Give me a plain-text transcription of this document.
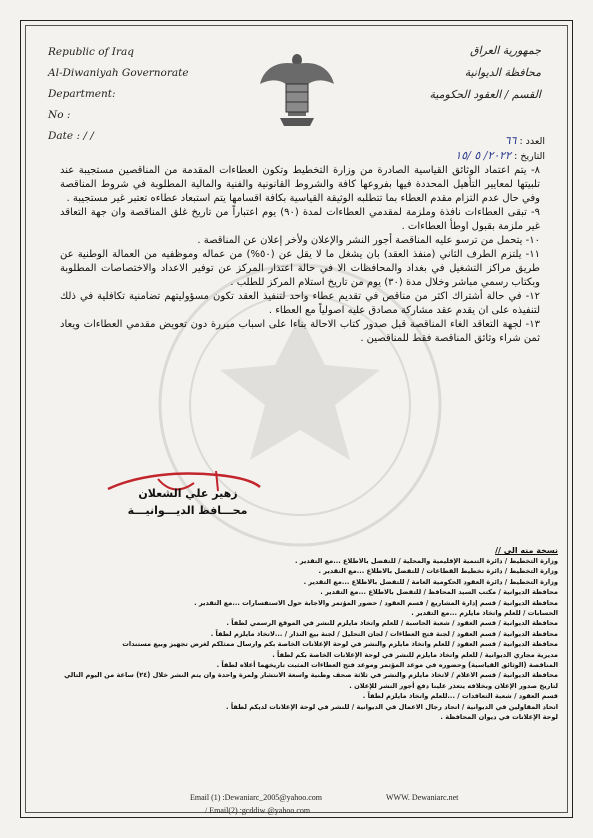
Republic of Iraq
Al-Diwaniyah Governorate
Department:
No :
Date : / /
جمهورية العراق
محافظة الديوانية
القسم / العقود الحكومية
العدد : ٦٦
التاريخ : ٢٠٢٢/ ٥ /١٥

٨- يتم اعتماد الوثائق القياسية الصادرة من وزارة التخطيط وتكون العطاءات المقدمة من المناقصين مستجيبة عند تلبيتها لمعايير التأهيل المحددة فيها بفروعها كافة والشروط القانونية والفنية والمالية المطلوبة في شروط المناقصة وفي حال عدم التزام مقدم العطاء بما تتطلبه الوثيقة القياسية بكافة اقسامها يتم استبعاد عطاءه تعتبر غير مستجيبة .

٩- تبقى العطاءات نافذة وملزمة لمقدمي العطاءات لمدة (٩٠) يوم اعتباراً من تاريخ غلق المناقصة وان جهة التعاقد غير ملزمة بقبول اوطأ العطاءات .

١٠- يتحمل من ترسو عليه المناقصة أجور النشر والإعلان ولأخر إعلان عن المناقصة .

١١- يلتزم الطرف الثاني (منفذ العقد) بان يشغل ما لا يقل عن (٥٠%) من عماله وموظفيه من العمالة الوطنية عن طريق مراكز التشغيل في بغداد والمحافظات الا في حالة اعتذار المركز عن توفير الاعداد والاختصاصات المطلوبة وبكتاب رسمي مباشر وخلال مدة (٣٠) يوم من تاريخ استلام المركز للطلب .

١٢- في حالة أشتراك اكثر من مناقص في تقديم عطاء واحد لتنفيذ العقد تكون مسؤوليتهم تضامنية تكافلية في ذلك لتنفيذه على ان يقدم عقد مشاركة مصادق عليه اصولياً مع العطاء .

١٣- لجهة التعاقد الغاء المناقصة قبل صدور كتاب الاحالة بناءا على اسباب مبررة دون تعويض مقدمي العطاءات ويعاد ثمن شراء وثائق المناقصة فقط للمناقصين .

زهير علي الشعلان
محـــافظ الديـــوانيـــة
نسخة منه الى //
وزارة التخطيط / دائرة التنمية الإقليمية والمحلية / للتفضل بالاطلاع ...مع التقدير .
وزارة التخطيط / دائرة تخطيط القطاعات / للتفضل بالاطلاع ...مع التقدير .
وزارة التخطيط / دائرة العقود الحكومية العامة / للتفضل بالاطلاع ...مع التقدير .
محافظة الديوانية / مكتب السيد المحافظ / للتفضل بالاطلاع ...مع التقدير .
محافظة الديوانية / قسم إدارة المشاريع / قسم العقود / حضور المؤتمر والاجابة حول الاستفسارات ...مع التقدير .
الحسابات / للعلم واتخاذ مايلزم ...مع التقدير .
محافظة الديوانية / قسم العقود / شعبة الحاسبة / للعلم واتخاذ مايلزم للنشر في الموقع الرسمي لطفاً .
محافظة الديوانية / قسم العقود / لجنة فتح العطاءات / لجان التحليل / لجنة بيع النذار / ...لاتخاذ مايلزم لطفاً .
محافظة الديوانية / قسم العقود / للعلم واتخاذ مايلزم والنشر في لوحة الإعلانات الخاصة بكم وارسال ممثلكم لغرض تجهيز وبيع مستندات
مديرية مجاري الديوانية / للعلم واتخاذ مايلزم للنشر في لوحة الإعلانات الخاصة بكم لطفاً .
المناقصة (الوثائق القياسية) وحضوره في موعد المؤتمر وموعد فتح العطاءات المثبت تاريخهما أعلاه لطفاً .
محافظة الديوانية / قسم الاعلام / لاتخاذ مايلزم والنشر في ثلاثة صحف وطنية واسعة الانتشار ولمرة واحدة وان يتم النشر خلال (٢٤) ساعة من اليوم التالي لتاريخ صدور الإعلان وبخلافه يتعذر علينا دفع أجور النشر للإعلان .
قسم العقود / شعبة التعاقدات / ...للعلم واتخاذ مايلزم لطفاً .
اتحاد المقاولين في الديوانية / اتحاد رجال الاعمال في الديوانية / للنشر في لوحة الإعلانات لديكم لطفاً .
لوحة الإعلانات في ديوان المحافظة .
Email (1) :Dewaniarc_2005@yahoo.com	WWW. Dewaniarc.net
/ Email(2) :gcddiw @yahoo.com
